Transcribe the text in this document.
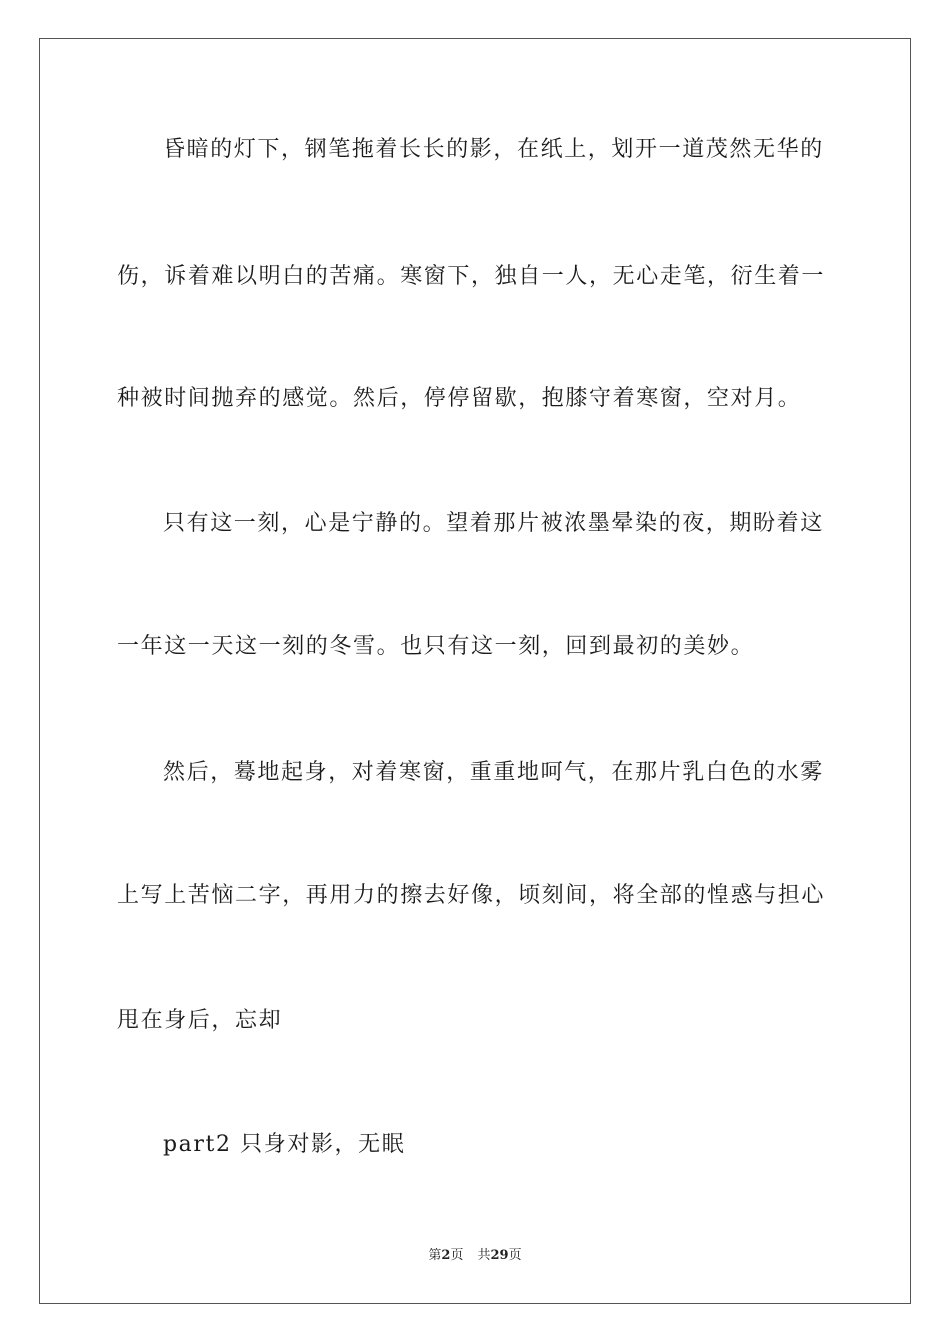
昏暗的灯下，钢笔拖着长长的影，在纸上，划开一道茂然无华的
伤，诉着难以明白的苦痛。寒窗下，独自一人，无心走笔，衍生着一
种被时间抛弃的感觉。然后，停停留歇，抱膝守着寒窗，空对月。
只有这一刻，心是宁静的。望着那片被浓墨晕染的夜，期盼着这
一年这一天这一刻的冬雪。也只有这一刻，回到最初的美妙。
然后，蓦地起身，对着寒窗，重重地呵气，在那片乳白色的水雾
上写上苦恼二字，再用力的擦去好像，顷刻间，将全部的惶惑与担心
甩在身后，忘却
part2 只身对影，无眠
第2页 共29页
